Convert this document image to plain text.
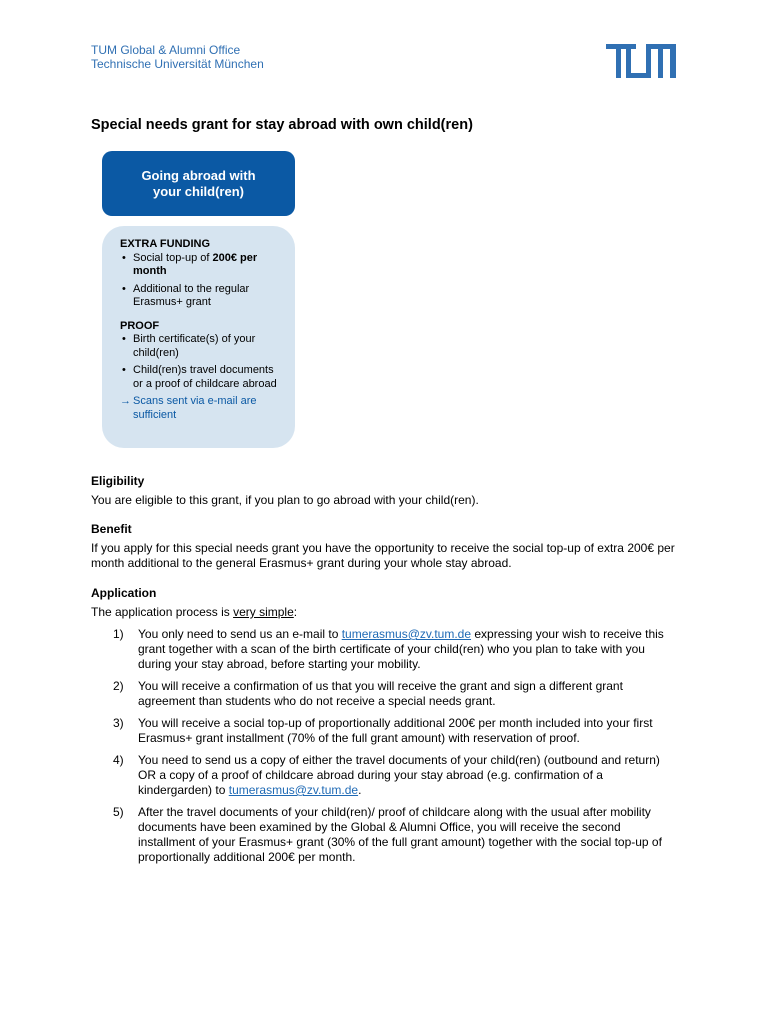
TUM Global & Alumni Office
Technische Universität München
Special needs grant for stay abroad with own child(ren)
Going abroad with your child(ren)
EXTRA FUNDING
• Social top-up of 200€ per month
• Additional to the regular Erasmus+ grant
PROOF
• Birth certificate(s) of your child(ren)
• Child(ren)s travel documents or a proof of childcare abroad
→ Scans sent via e-mail are sufficient
Eligibility

You are eligible to this grant, if you plan to go abroad with your child(ren).

Benefit

If you apply for this special needs grant you have the opportunity to receive the social top-up of extra 200€ per month additional to the general Erasmus+ grant during your whole stay abroad.

Application

The application process is very simple:

1)	You only need to send us an e-mail to tumerasmus@zv.tum.de expressing your wish to receive this grant together with a scan of the birth certificate of your child(ren) who you plan to take with you during your stay abroad, before starting your mobility.
2)	You will receive a confirmation of us that you will receive the grant and sign a different grant agreement than students who do not receive a special needs grant.
3)	You will receive a social top-up of proportionally additional 200€ per month included into your first Erasmus+ grant installment (70% of the full grant amount) with reservation of proof.
4)	You need to send us a copy of either the travel documents of your child(ren) (outbound and return) OR a copy of a proof of childcare abroad during your stay abroad (e.g. confirmation of a kindergarden) to tumerasmus@zv.tum.de.
5)	After the travel documents of your child(ren)/ proof of childcare along with the usual after mobility documents have been examined by the Global & Alumni Office, you will receive the second installment of your Erasmus+ grant (30% of the full grant amount) together with the social top-up of proportionally additional 200€ per month.
